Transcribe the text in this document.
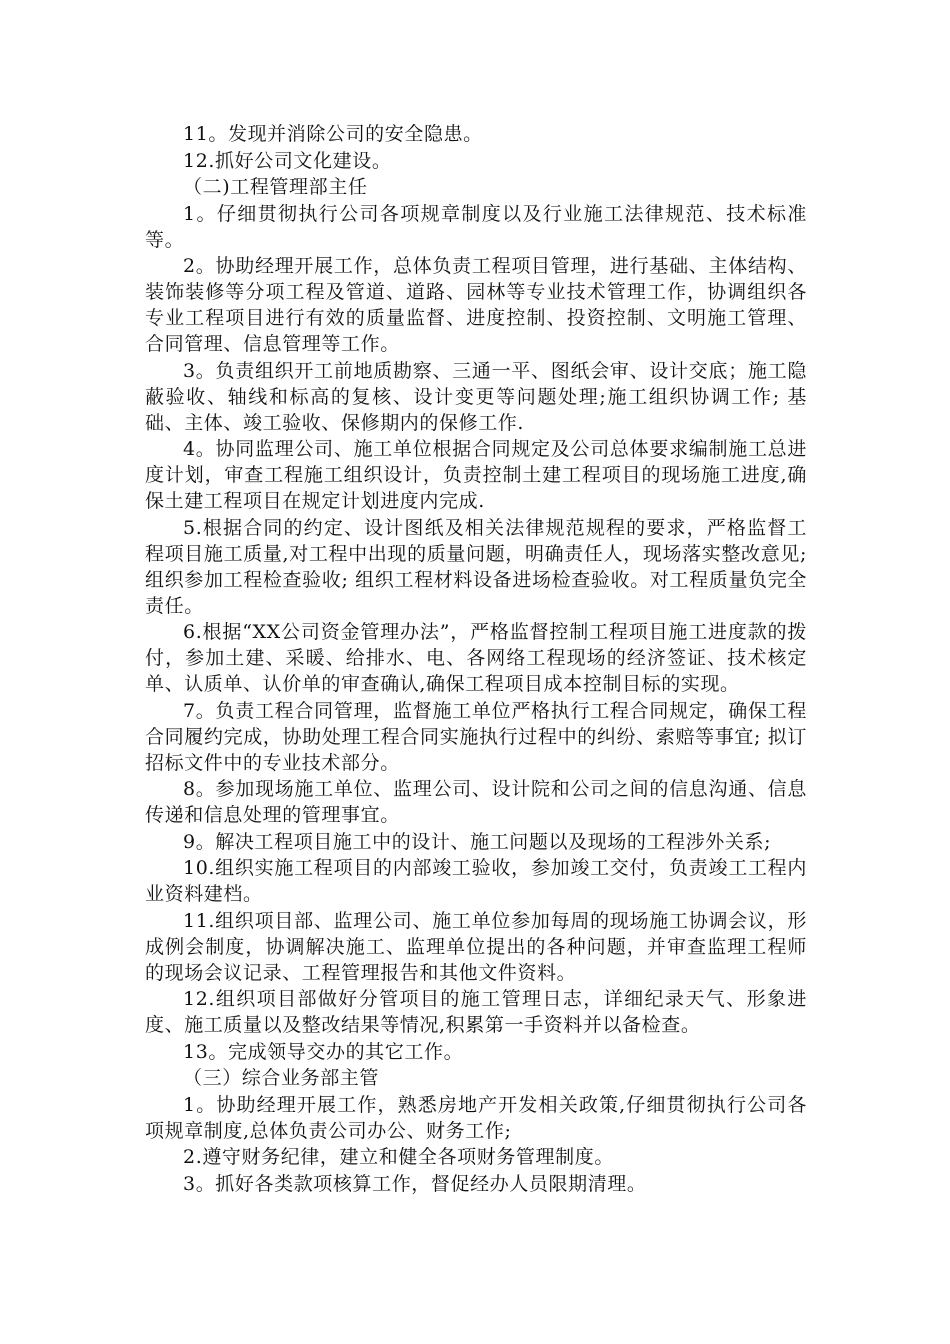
11。发现并消除公司的安全隐患。

12.抓好公司文化建设。

（二)工程管理部主任

1。仔细贯彻执行公司各项规章制度以及行业施工法律规范、技术标准等。

2。协助经理开展工作，总体负责工程项目管理，进行基础、主体结构、装饰装修等分项工程及管道、道路、园林等专业技术管理工作，协调组织各专业工程项目进行有效的质量监督、进度控制、投资控制、文明施工管理、合同管理、信息管理等工作。

3。负责组织开工前地质勘察、三通一平、图纸会审、设计交底；施工隐蔽验收、轴线和标高的复核、设计变更等问题处理;施工组织协调工作; 基础、主体、竣工验收、保修期内的保修工作.

4。协同监理公司、施工单位根据合同规定及公司总体要求编制施工总进度计划，审查工程施工组织设计，负责控制土建工程项目的现场施工进度,确保土建工程项目在规定计划进度内完成.

5.根据合同的约定、设计图纸及相关法律规范规程的要求，严格监督工程项目施工质量,对工程中出现的质量问题，明确责任人，现场落实整改意见;组织参加工程检查验收; 组织工程材料设备进场检查验收。对工程质量负完全责任。

6.根据“XX公司资金管理办法”，严格监督控制工程项目施工进度款的拨付，参加土建、采暖、给排水、电、各网络工程现场的经济签证、技术核定单、认质单、认价单的审查确认,确保工程项目成本控制目标的实现。

7。负责工程合同管理，监督施工单位严格执行工程合同规定，确保工程合同履约完成，协助处理工程合同实施执行过程中的纠纷、索赔等事宜; 拟订招标文件中的专业技术部分。

8。参加现场施工单位、监理公司、设计院和公司之间的信息沟通、信息传递和信息处理的管理事宜。

9。解决工程项目施工中的设计、施工问题以及现场的工程涉外关系;

10.组织实施工程项目的内部竣工验收，参加竣工交付，负责竣工工程内业资料建档。

11.组织项目部、监理公司、施工单位参加每周的现场施工协调会议，形成例会制度，协调解决施工、监理单位提出的各种问题，并审查监理工程师的现场会议记录、工程管理报告和其他文件资料。

12.组织项目部做好分管项目的施工管理日志，详细纪录天气、形象进度、施工质量以及整改结果等情况,积累第一手资料并以备检查。

13。完成领导交办的其它工作。

（三）综合业务部主管

1。协助经理开展工作，熟悉房地产开发相关政策,仔细贯彻执行公司各项规章制度,总体负责公司办公、财务工作;

2.遵守财务纪律，建立和健全各项财务管理制度。

3。抓好各类款项核算工作，督促经办人员限期清理。
